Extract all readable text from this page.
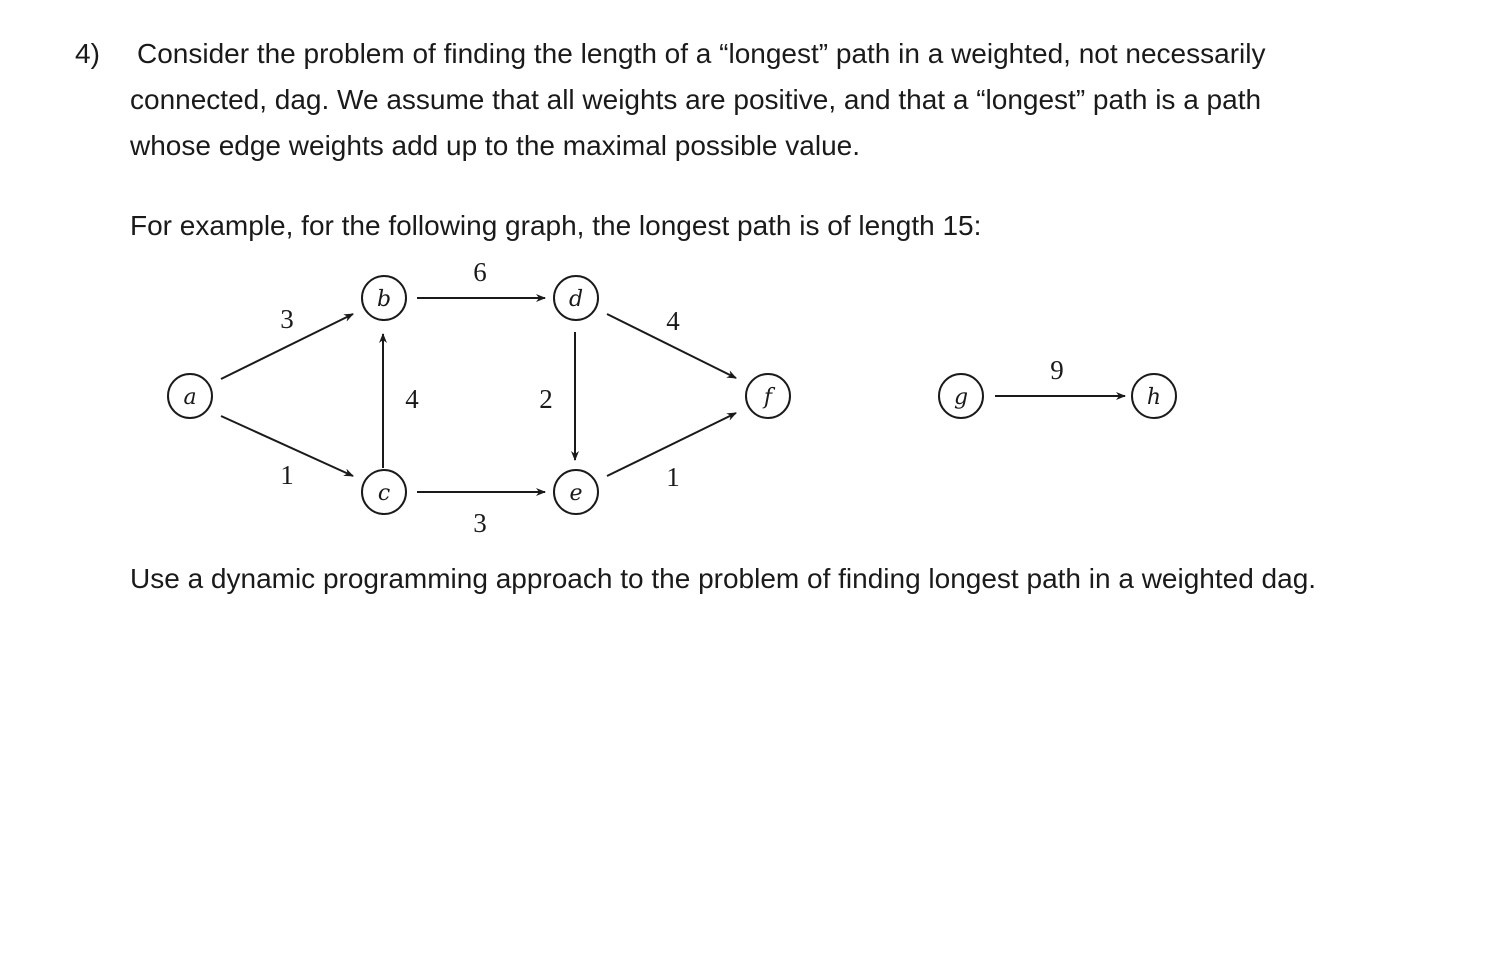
4) Consider the problem of finding the length of a “longest” path in a weighted, not necessarily
connected, dag. We assume that all weights are positive, and that a “longest” path is a path
whose edge weights add up to the maximal possible value.
For example, for the following graph, the longest path is of length 15:
3
1
4
6
3
2
4
1
9
a
b
c
d
e
f	g	h
Use a dynamic programming approach to the problem of finding longest path in a weighted dag.
